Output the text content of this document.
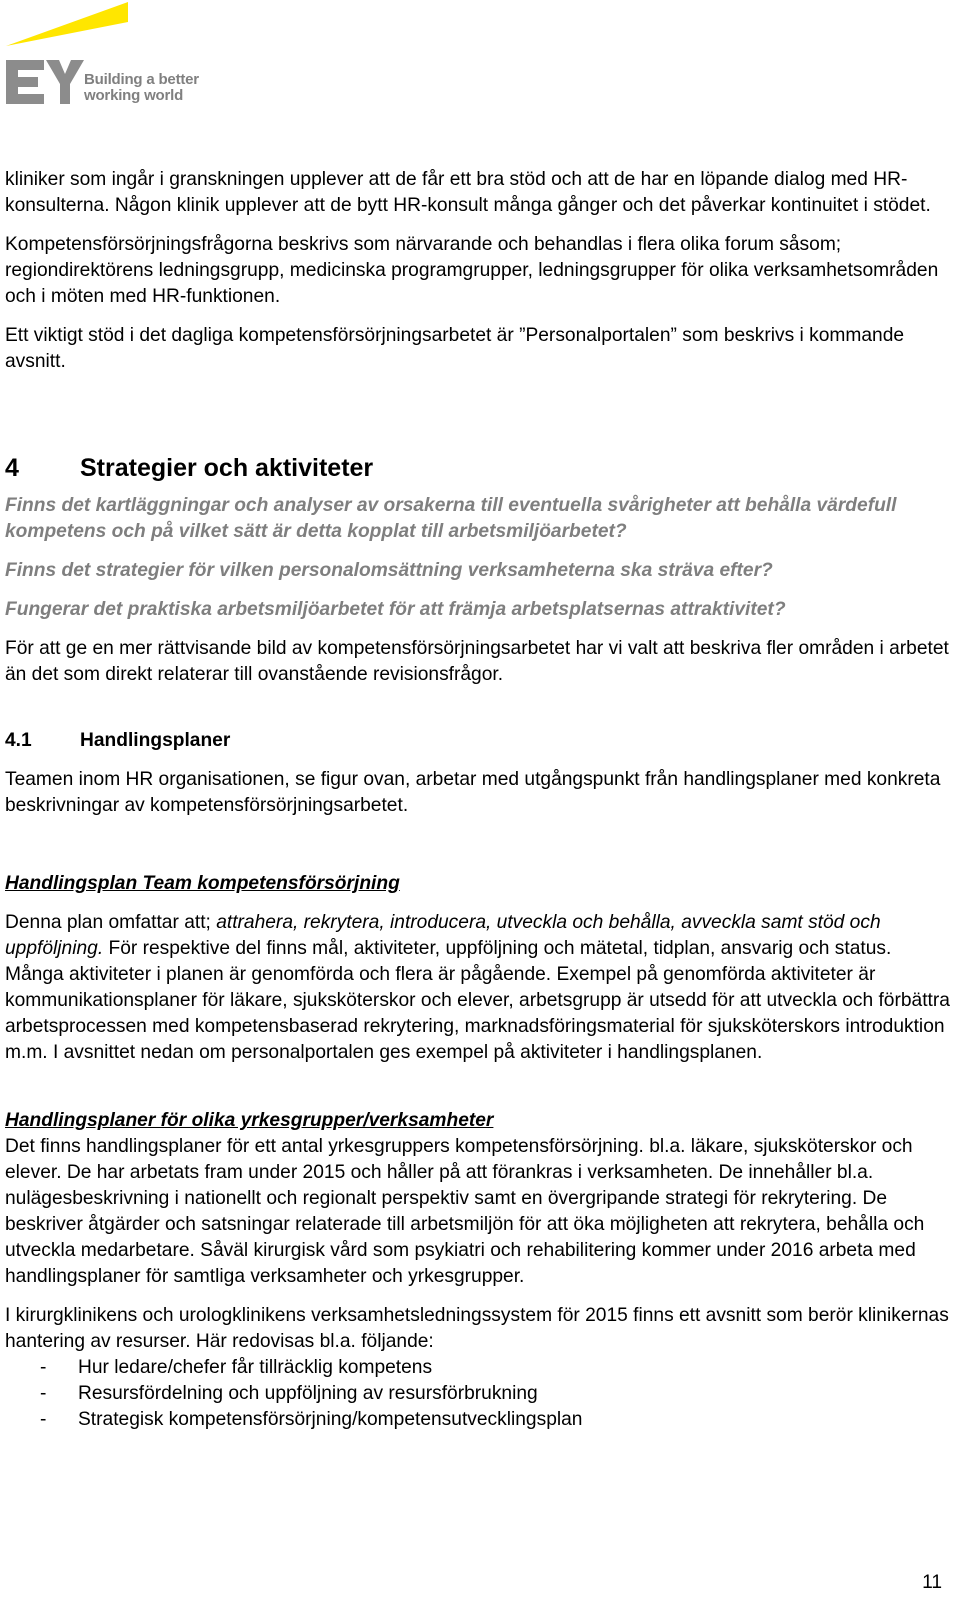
Building a better
working world

kliniker som ingår i granskningen upplever att de får ett bra stöd och att de har en löpande dialog med HR-konsulterna. Någon klinik upplever att de bytt HR-konsult många gånger och det påverkar kontinuitet i stödet.

Kompetensförsörjningsfrågorna beskrivs som närvarande och behandlas i flera olika forum såsom; regiondirektörens ledningsgrupp, medicinska programgrupper, ledningsgrupper för olika verksamhetsområden och i möten med HR-funktionen.

Ett viktigt stöd i det dagliga kompetensförsörjningsarbetet är ”Personalportalen” som beskrivs i kommande avsnitt.

4	Strategier och aktiviteter

Finns det kartläggningar och analyser av orsakerna till eventuella svårigheter att behålla värdefull kompetens och på vilket sätt är detta kopplat till arbetsmiljöarbetet?

Finns det strategier för vilken personalomsättning verksamheterna ska sträva efter?

Fungerar det praktiska arbetsmiljöarbetet för att främja arbetsplatsernas attraktivitet?

För att ge en mer rättvisande bild av kompetensförsörjningsarbetet har vi valt att beskriva fler områden i arbetet än det som direkt relaterar till ovanstående revisionsfrågor.

4.1	Handlingsplaner

Teamen inom HR organisationen, se figur ovan, arbetar med utgångspunkt från handlingsplaner med konkreta beskrivningar av kompetensförsörjningsarbetet.

Handlingsplan Team kompetensförsörjning

Denna plan omfattar att; attrahera, rekrytera, introducera, utveckla och behålla, avveckla samt stöd och uppföljning. För respektive del finns mål, aktiviteter, uppföljning och mätetal, tidplan, ansvarig och status. Många aktiviteter i planen är genomförda och flera är pågående. Exempel på genomförda aktiviteter är kommunikationsplaner för läkare, sjuksköterskor och elever, arbetsgrupp är utsedd för att utveckla och förbättra arbetsprocessen med kompetensbaserad rekrytering, marknadsföringsmaterial för sjuksköterskors introduktion m.m. I avsnittet nedan om personalportalen ges exempel på aktiviteter i handlingsplanen.

Handlingsplaner för olika yrkesgrupper/verksamheter

Det finns handlingsplaner för ett antal yrkesgruppers kompetensförsörjning. bl.a. läkare, sjuksköterskor och elever. De har arbetats fram under 2015 och håller på att förankras i verksamheten. De innehåller bl.a. nulägesbeskrivning i nationellt och regionalt perspektiv samt en övergripande strategi för rekrytering. De beskriver åtgärder och satsningar relaterade till arbetsmiljön för att öka möjligheten att rekrytera, behålla och utveckla medarbetare. Såväl kirurgisk vård som psykiatri och rehabilitering kommer under 2016 arbeta med handlingsplaner för samtliga verksamheter och yrkesgrupper.

I kirurgklinikens och urologklinikens verksamhetsledningssystem för 2015 finns ett avsnitt som berör klinikernas hantering av resurser. Här redovisas bl.a. följande:

-	Hur ledare/chefer får tillräcklig kompetens
-	Resursfördelning och uppföljning av resursförbrukning
-	Strategisk kompetensförsörjning/kompetensutvecklingsplan
11
